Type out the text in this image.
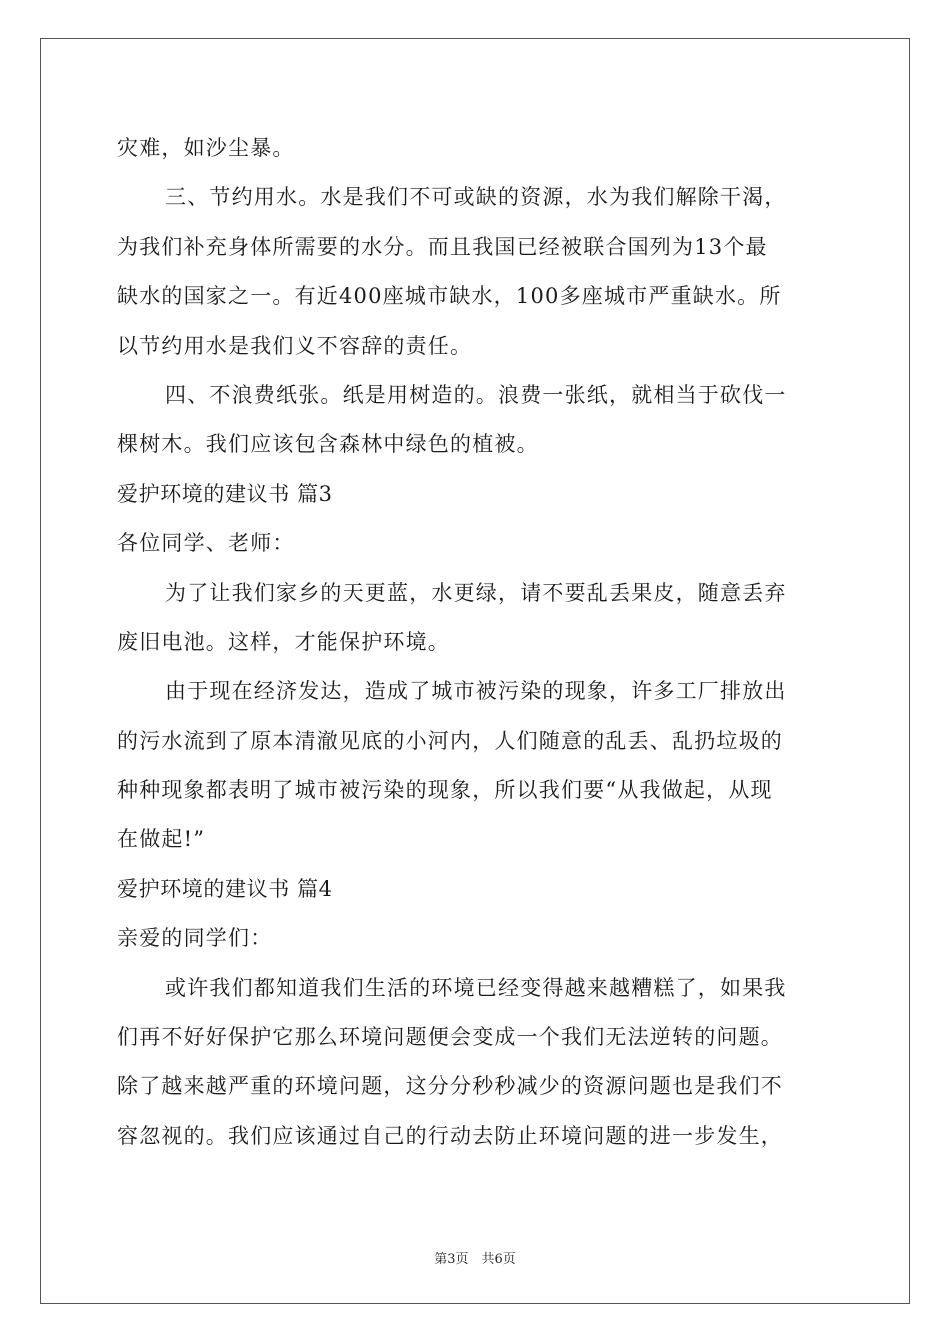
灾难，如沙尘暴。
三、节约用水。水是我们不可或缺的资源，水为我们解除干渴，
为我们补充身体所需要的水分。而且我国已经被联合国列为13个最
缺水的国家之一。有近400座城市缺水，100多座城市严重缺水。所
以节约用水是我们义不容辞的责任。
四、不浪费纸张。纸是用树造的。浪费一张纸，就相当于砍伐一
棵树木。我们应该包含森林中绿色的植被。
爱护环境的建议书 篇3
各位同学、老师：
为了让我们家乡的天更蓝，水更绿，请不要乱丢果皮，随意丢弃
废旧电池。这样，才能保护环境。
由于现在经济发达，造成了城市被污染的现象，许多工厂排放出
的污水流到了原本清澈见底的小河内，人们随意的乱丢、乱扔垃圾的
种种现象都表明了城市被污染的现象，所以我们要“从我做起，从现
在做起!”
爱护环境的建议书 篇4
亲爱的同学们：
或许我们都知道我们生活的环境已经变得越来越糟糕了，如果我
们再不好好保护它那么环境问题便会变成一个我们无法逆转的问题。
除了越来越严重的环境问题，这分分秒秒减少的资源问题也是我们不
容忽视的。我们应该通过自己的行动去防止环境问题的进一步发生，
第3页　共6页
